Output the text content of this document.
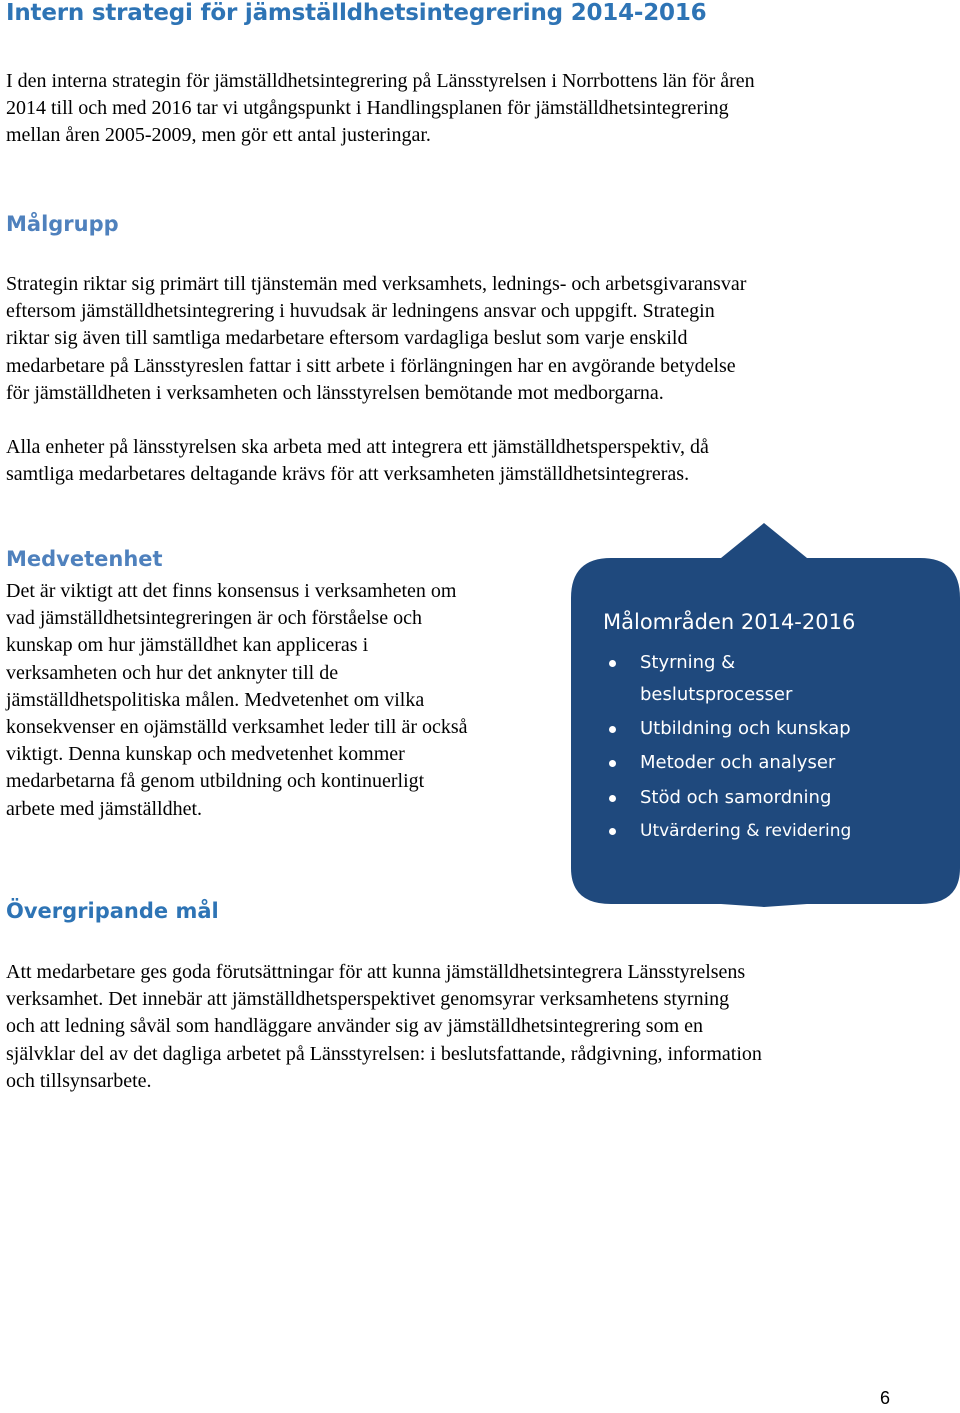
Intern strategi för jämställdhetsintegrering 2014-2016

I den interna strategin för jämställdhetsintegrering på Länsstyrelsen i Norrbottens län för åren
2014 till och med 2016 tar vi utgångspunkt i Handlingsplanen för jämställdhetsintegrering
mellan åren 2005-2009, men gör ett antal justeringar.

Målgrupp

Strategin riktar sig primärt till tjänstemän med verksamhets, lednings- och arbetsgivaransvar
eftersom jämställdhetsintegrering i huvudsak är ledningens ansvar och uppgift. Strategin
riktar sig även till samtliga medarbetare eftersom vardagliga beslut som varje enskild
medarbetare på Länsstyreslen fattar i sitt arbete i förlängningen har en avgörande betydelse
för jämställdheten i verksamheten och länsstyrelsen bemötande mot medborgarna.

Alla enheter på länsstyrelsen ska arbeta med att integrera ett jämställdhetsperspektiv, då
samtliga medarbetares deltagande krävs för att verksamheten jämställdhetsintegreras.

Medvetenhet

Det är viktigt att det finns konsensus i verksamheten om
vad jämställdhetsintegreringen är och förståelse och
kunskap om hur jämställdhet kan appliceras i
verksamheten och hur det anknyter till de
jämställdhetspolitiska målen. Medvetenhet om vilka
konsekvenser en ojämställd verksamhet leder till är också
viktigt. Denna kunskap och medvetenhet kommer
medarbetarna få genom utbildning och kontinuerligt
arbete med jämställdhet.

Målområden 2014-2016
Styrning &
beslutsprocesser
Utbildning och kunskap
Metoder och analyser
Stöd och samordning
Utvärdering & revidering
Övergripande mål

Att medarbetare ges goda förutsättningar för att kunna jämställdhetsintegrera Länsstyrelsens
verksamhet. Det innebär att jämställdhetsperspektivet genomsyrar verksamhetens styrning
och att ledning såväl som handläggare använder sig av jämställdhetsintegrering som en
självklar del av det dagliga arbetet på Länsstyrelsen: i beslutsfattande, rådgivning, information
och tillsynsarbete.

6
